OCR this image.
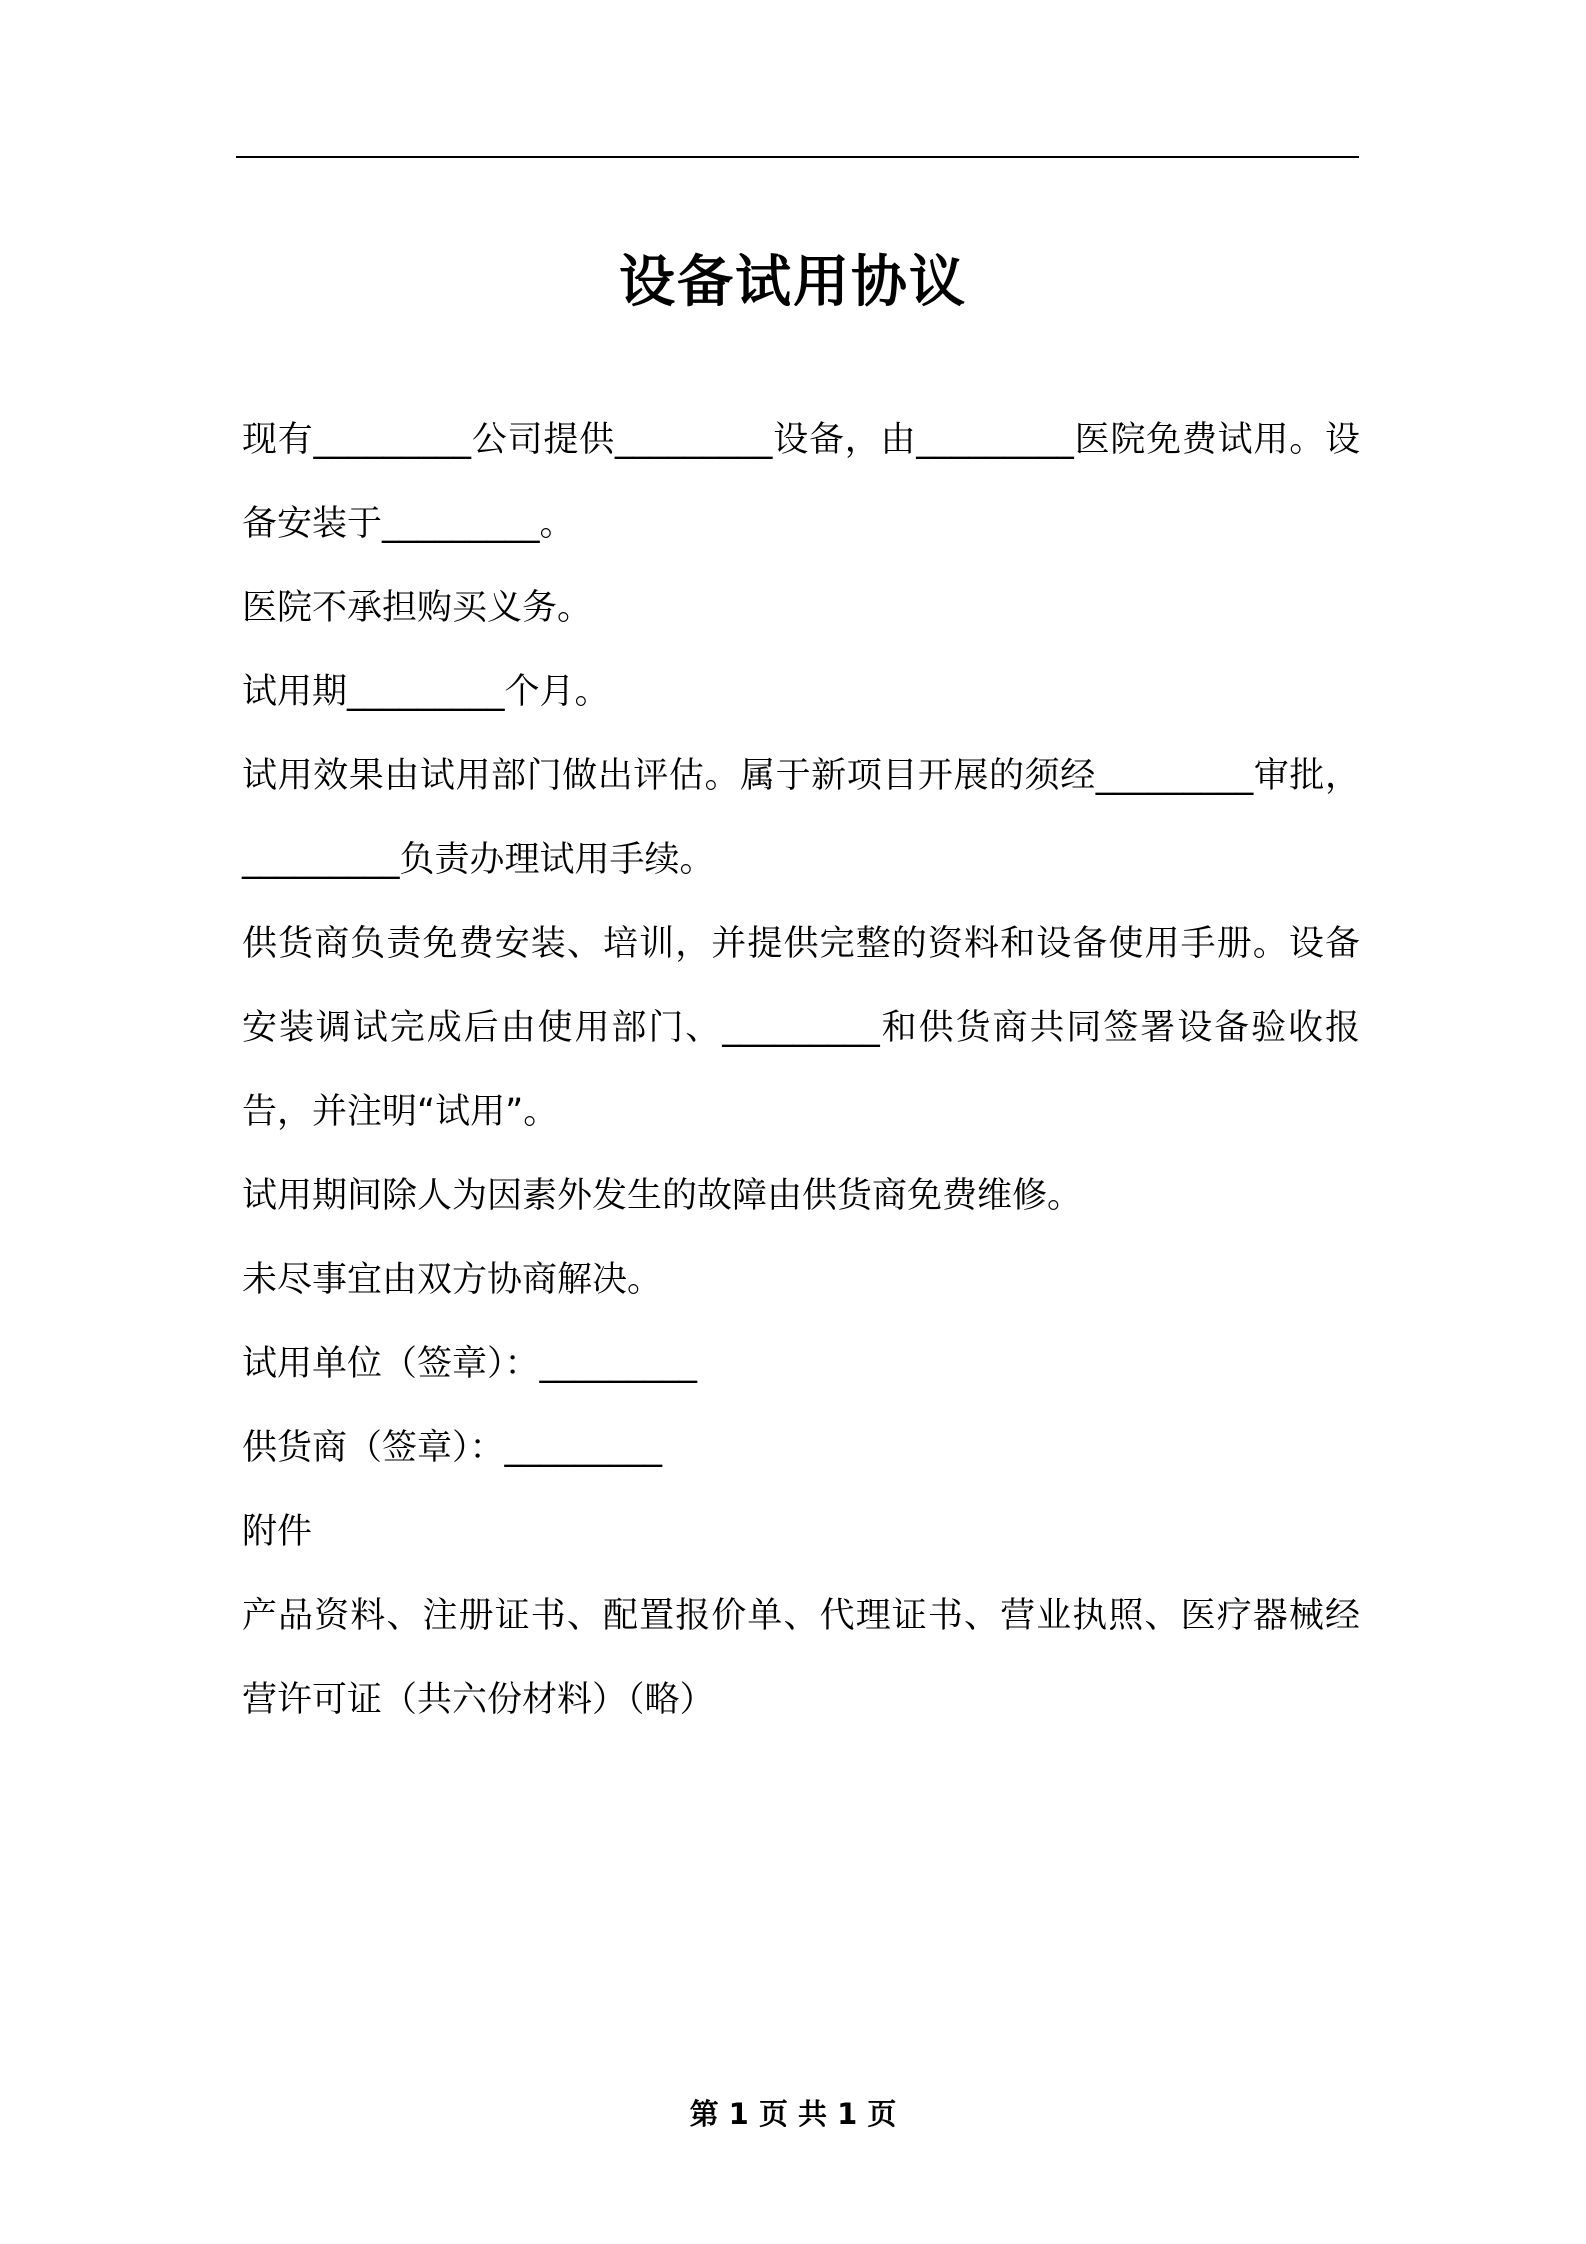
设备试用协议

现有_________公司提供_________设备，由_________医院免费试用。设备安装于_________。

医院不承担购买义务。

试用期_________个月。

试用效果由试用部门做出评估。属于新项目开展的须经_________审批，_________负责办理试用手续。

供货商负责免费安装、培训，并提供完整的资料和设备使用手册。设备安装调试完成后由使用部门、_________和供货商共同签署设备验收报告，并注明“试用”。

试用期间除人为因素外发生的故障由供货商免费维修。

未尽事宜由双方协商解决。

试用单位（签章）：_________

供货商（签章）：_________

附件

产品资料、注册证书、配置报价单、代理证书、营业执照、医疗器械经营许可证（共六份材料）（略）

第 1 页 共 1 页
